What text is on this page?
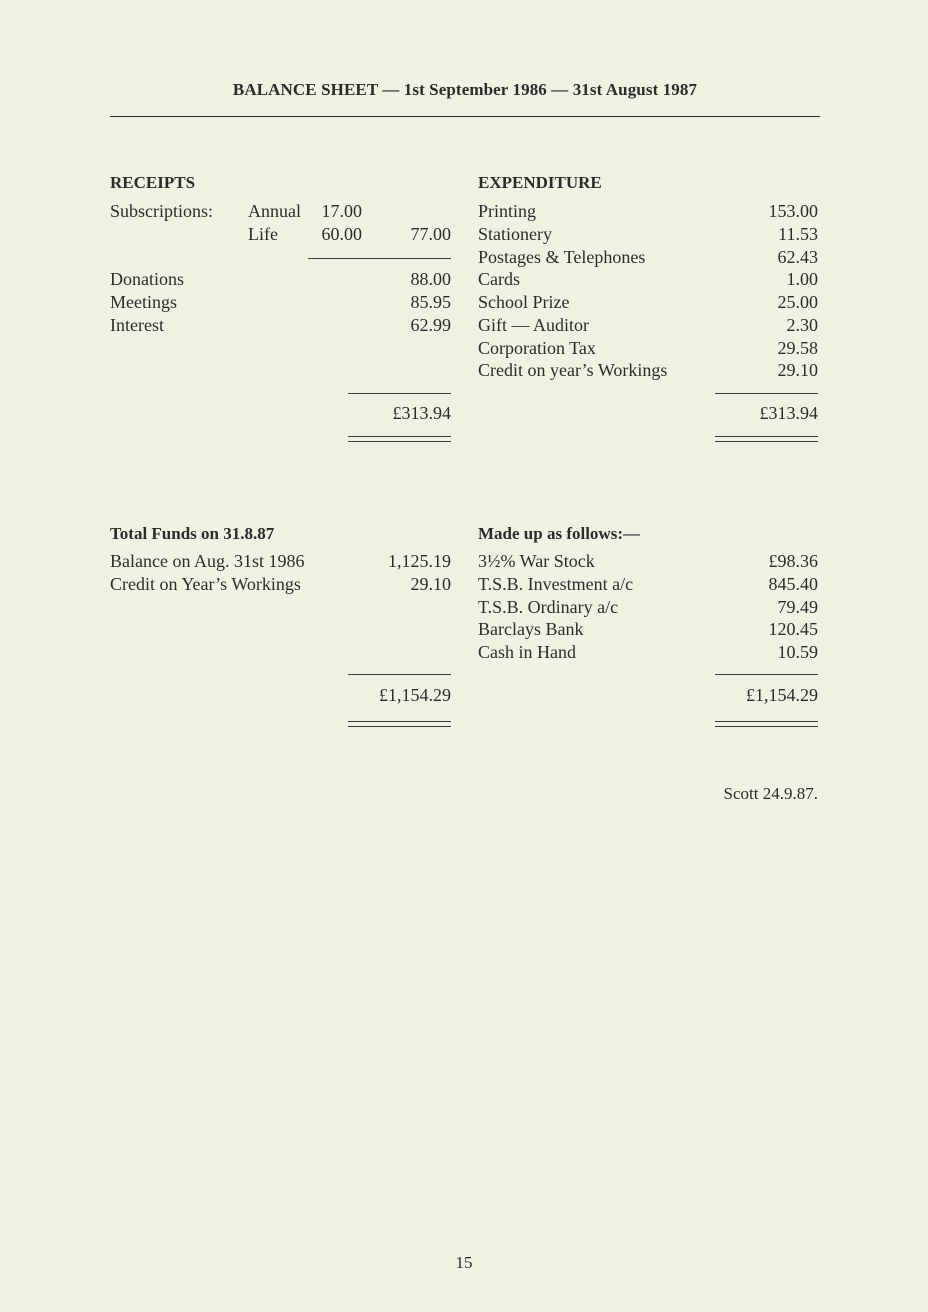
BALANCE SHEET — 1st September 1986 — 31st August 1987
RECEIPTS
Subscriptions: Annual	17.00
Life	60.00	77.00
Donations	88.00
Meetings	85.95
Interest	62.99
£313.94
EXPENDITURE
Printing	153.00
Stationery	11.53
Postages & Telephones	62.43
Cards	1.00
School Prize	25.00
Gift — Auditor	2.30
Corporation Tax	29.58
Credit on year’s Workings	29.10
£313.94
Total Funds on 31.8.87
Balance on Aug. 31st 1986	1,125.19
Credit on Year’s Workings	29.10
£1,154.29
Made up as follows:—
3½% War Stock	£98.36
T.S.B. Investment a/c	845.40
T.S.B. Ordinary a/c	79.49
Barclays Bank	120.45
Cash in Hand	10.59
£1,154.29
Scott 24.9.87.
15
